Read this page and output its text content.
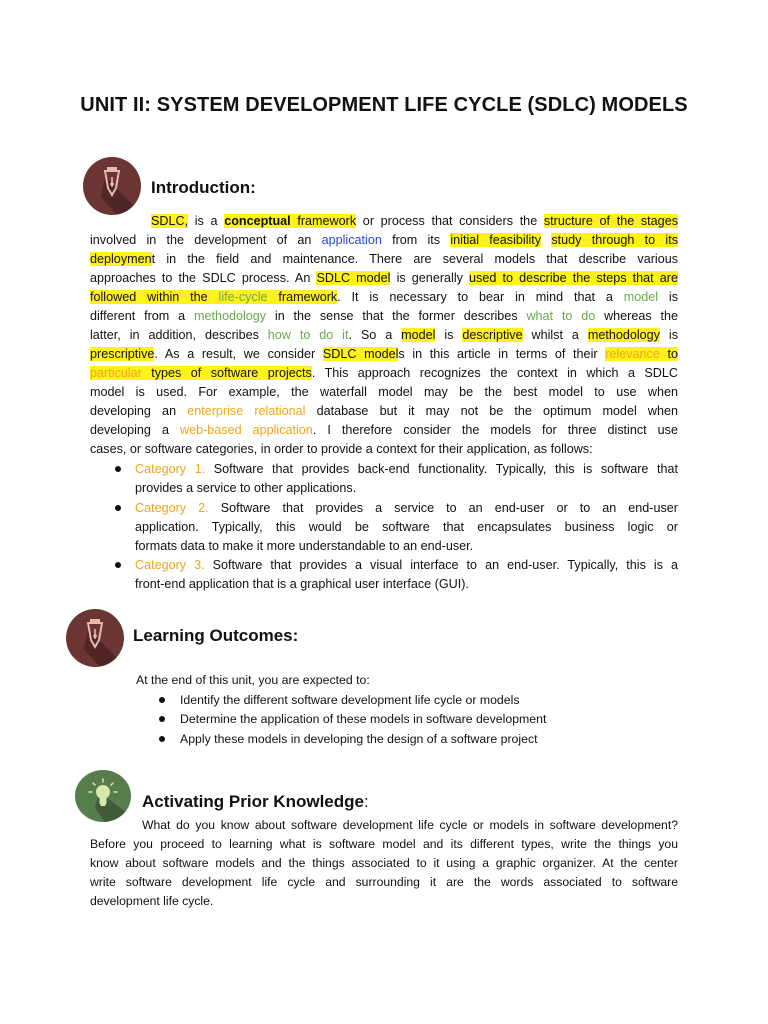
UNIT II: SYSTEM DEVELOPMENT LIFE CYCLE (SDLC) MODELS
Introduction:
SDLC, is a conceptual framework or process that considers the structure of the stages
involved in the development of an application from its initial feasibility study through to its
deployment in the field and maintenance. There are several models that describe various
approaches to the SDLC process. An SDLC model is generally used to describe the steps that are
followed within the life-cycle framework. It is necessary to bear in mind that a model is
different from a methodology in the sense that the former describes what to do whereas the
latter, in addition, describes how to do it. So a model is descriptive whilst a methodology is
prescriptive. As a result, we consider SDLC models in this article in terms of their relevance to
particular types of software projects. This approach recognizes the context in which a SDLC
model is used. For example, the waterfall model may be the best model to use when
developing an enterprise relational database but it may not be the optimum model when
developing a web-based application. I therefore consider the models for three distinct use
cases, or software categories, in order to provide a context for their application, as follows:
Category 1. Software that provides back-end functionality. Typically, this is software that
provides a service to other applications.
Category 2. Software that provides a service to an end-user or to an end-user
application. Typically, this would be software that encapsulates business logic or
formats data to make it more understandable to an end-user.
Category 3. Software that provides a visual interface to an end-user. Typically, this is a
front-end application that is a graphical user interface (GUI).
Learning Outcomes:
At the end of this unit, you are expected to:
Identify the different software development life cycle or models
Determine the application of these models in software development
Apply these models in developing the design of a software project
Activating Prior Knowledge:
What do you know about software development life cycle or models in software development?
Before you proceed to learning what is software model and its different types, write the things you
know about software models and the things associated to it using a graphic organizer. At the center
write software development life cycle and surrounding it are the words associated to software
development life cycle.
